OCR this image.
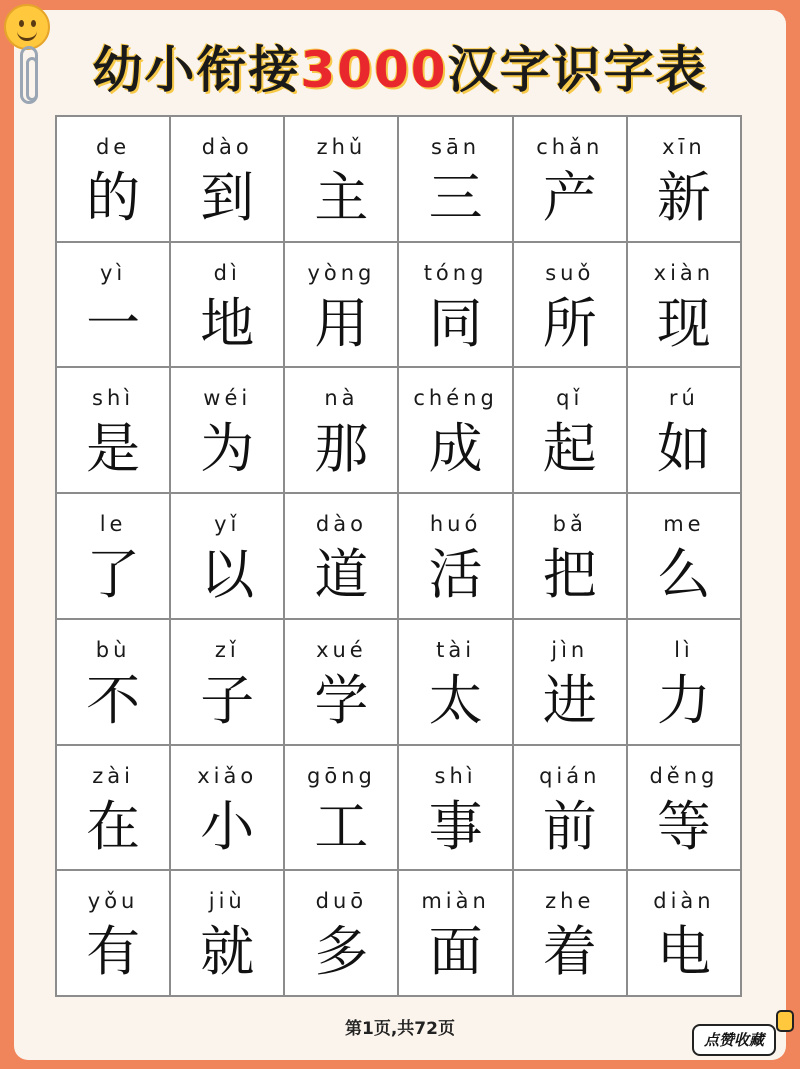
幼小衔接3000汉字识字表
de
的
dào
到
zhǔ
主
sān
三
chǎn
产
xīn
新
yì
一
dì
地
yòng
用
tóng
同
suǒ
所
xiàn
现
shì
是
wéi
为
nà
那
chéng
成
qǐ
起
rú
如
le
了
yǐ
以
dào
道
huó
活
bǎ
把
me
么
bù
不
zǐ
子
xué
学
tài
太
jìn
进
lì
力
zài
在
xiǎo
小
gōng
工
shì
事
qián
前
děng
等
yǒu
有
jiù
就
duō
多
miàn
面
zhe
着
diàn
电
第1页,共72页
点赞收藏
